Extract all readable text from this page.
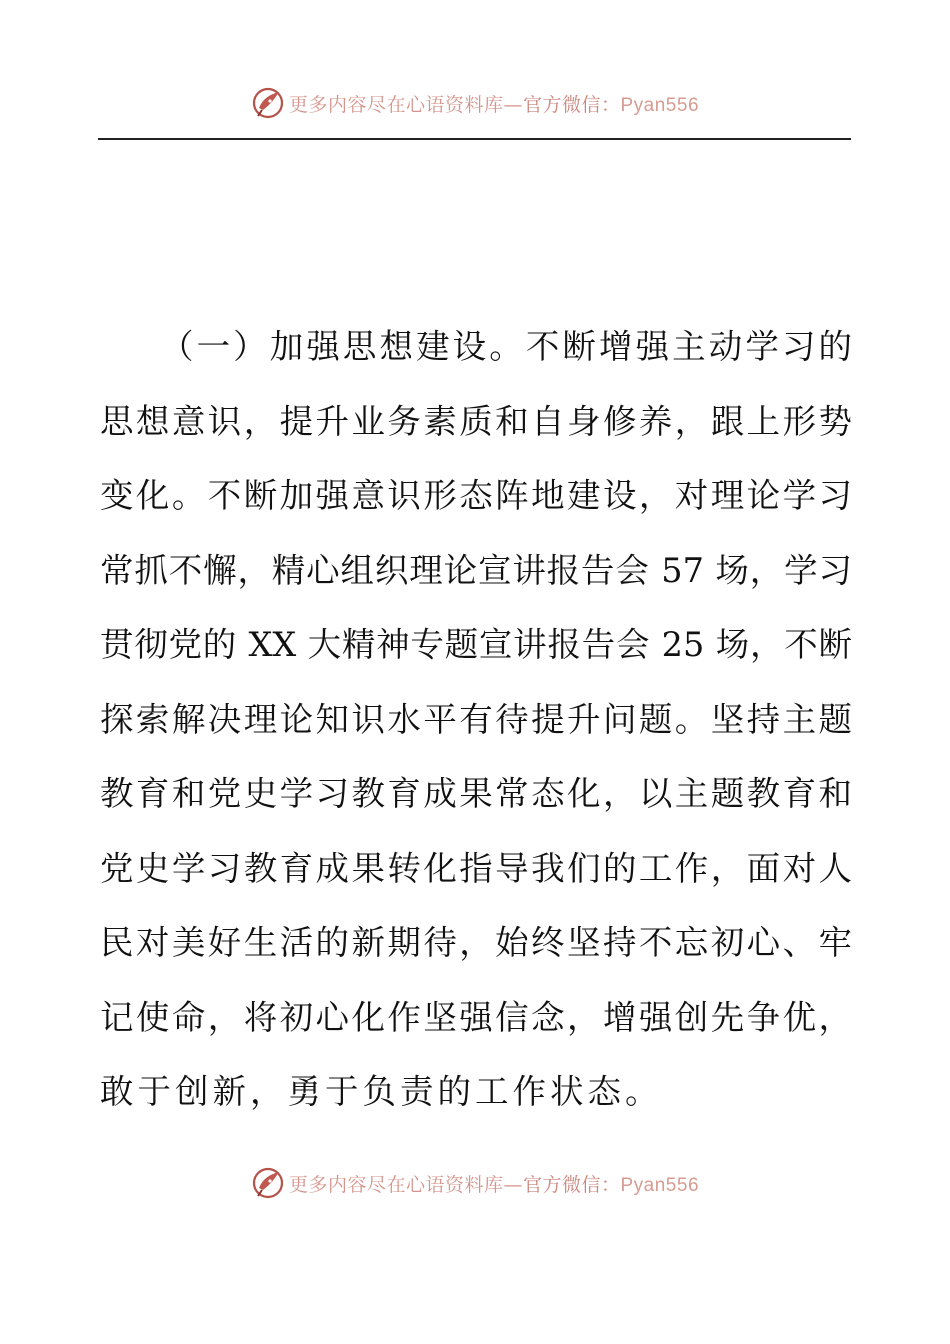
更多内容尽在心语资料库—官方微信：Pyan556
（一）加强思想建设。不断增强主动学习的
思想意识，提升业务素质和自身修养，跟上形势
变化。不断加强意识形态阵地建设，对理论学习
常抓不懈，精心组织理论宣讲报告会 57 场，学习
贯彻党的 XX 大精神专题宣讲报告会 25 场，不断
探索解决理论知识水平有待提升问题。坚持主题
教育和党史学习教育成果常态化，以主题教育和
党史学习教育成果转化指导我们的工作，面对人
民对美好生活的新期待，始终坚持不忘初心、牢
记使命，将初心化作坚强信念，增强创先争优，
敢于创新，勇于负责的工作状态。
更多内容尽在心语资料库—官方微信：Pyan556
